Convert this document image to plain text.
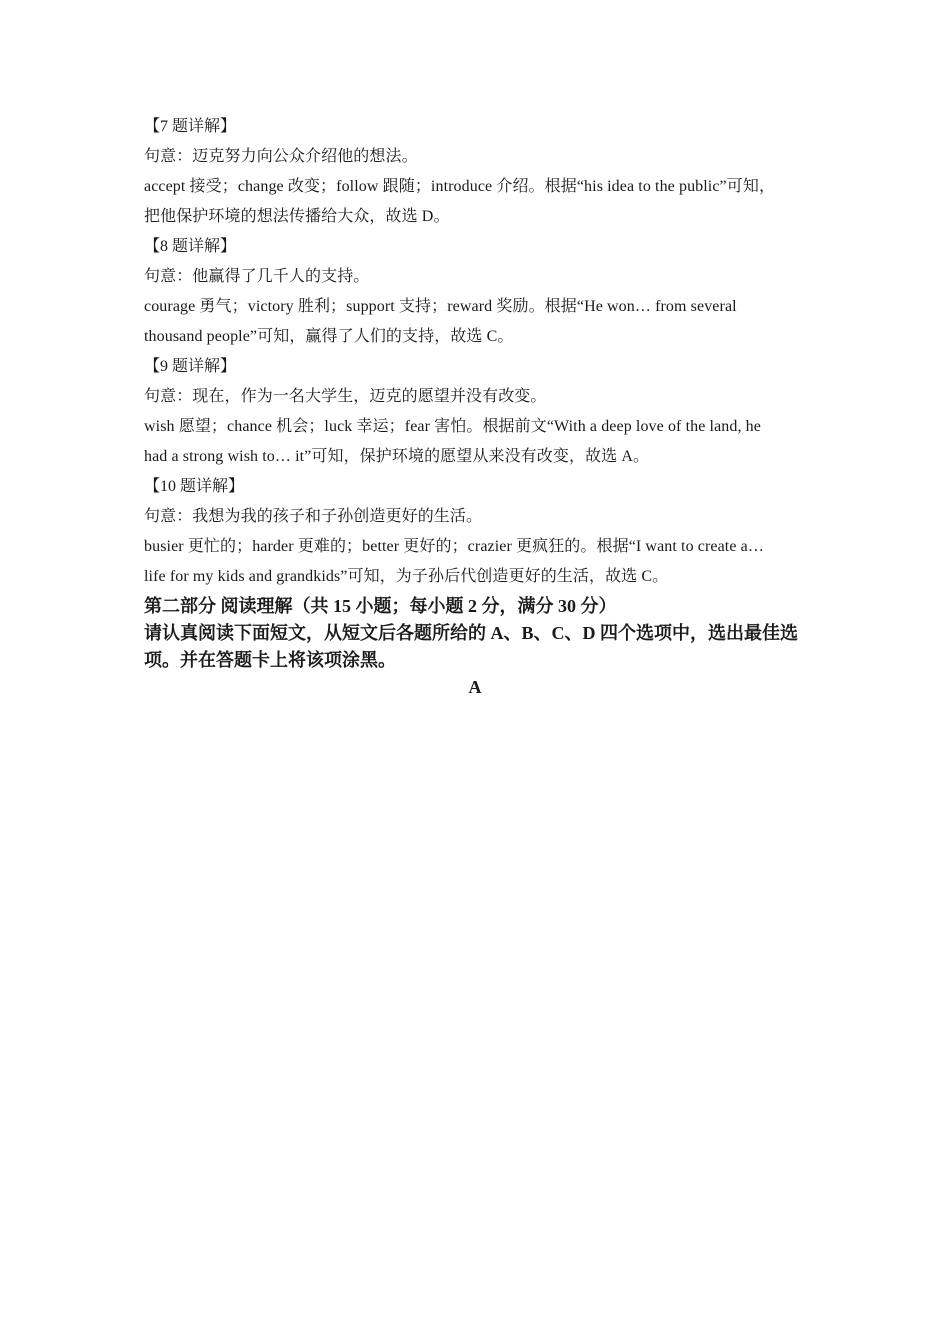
【7 题详解】
句意：迈克努力向公众介绍他的想法。
accept 接受；change 改变；follow 跟随；introduce 介绍。根据“his idea to the public”可知，
把他保护环境的想法传播给大众，故选 D。
【8 题详解】
句意：他赢得了几千人的支持。
courage 勇气；victory 胜利；support 支持；reward 奖励。根据“He won… from several
thousand people”可知，赢得了人们的支持，故选 C。
【9 题详解】
句意：现在，作为一名大学生，迈克的愿望并没有改变。
wish 愿望；chance 机会；luck 幸运；fear 害怕。根据前文“With a deep love of the land, he
had a strong wish to… it”可知，保护环境的愿望从来没有改变，故选 A。
【10 题详解】
句意：我想为我的孩子和子孙创造更好的生活。
busier 更忙的；harder 更难的；better 更好的；crazier 更疯狂的。根据“I want to create a…
life for my kids and grandkids”可知，为子孙后代创造更好的生活，故选 C。
第二部分 阅读理解（共 15 小题；每小题 2 分，满分 30 分）
请认真阅读下面短文，从短文后各题所给的 A、B、C、D 四个选项中，选出最佳选项。并在答题卡上将该项涂黑。
A
